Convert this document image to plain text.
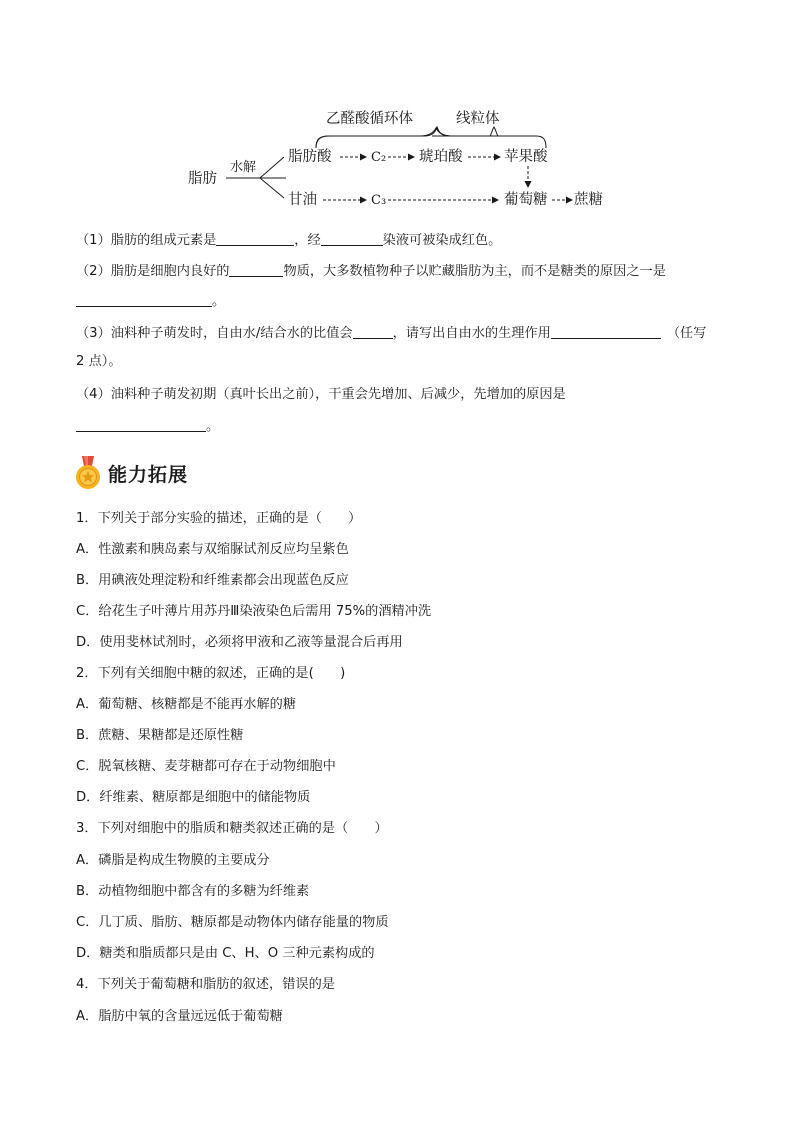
乙醛酸循环体	线粒体
脂肪
水解
脂肪酸
甘油
C₂
C₃
琥珀酸	苹果酸
葡萄糖 蔗糖
（1）脂肪的组成元素是	，经	染液可被染成红色。
（2）脂肪是细胞内良好的	物质，大多数植物种子以贮藏脂肪为主，而不是糖类的原因之一是
。
（3）油料种子萌发时，自由水/结合水的比值会	，请写出自由水的生理作用	（任写
2 点）。
（4）油料种子萌发初期（真叶长出之前），干重会先增加、后减少，先增加的原因是
。
能力拓展
1．下列关于部分实验的描述，正确的是（　　）
A．性激素和胰岛素与双缩脲试剂反应均呈紫色
B．用碘液处理淀粉和纤维素都会出现蓝色反应
C．给花生子叶薄片用苏丹Ⅲ染液染色后需用 75%的酒精冲洗
D．使用斐林试剂时，必须将甲液和乙液等量混合后再用
2．下列有关细胞中糖的叙述，正确的是(　　)
A．葡萄糖、核糖都是不能再水解的糖
B．蔗糖、果糖都是还原性糖
C．脱氧核糖、麦芽糖都可存在于动物细胞中
D．纤维素、糖原都是细胞中的储能物质
3．下列对细胞中的脂质和糖类叙述正确的是（　　）
A．磷脂是构成生物膜的主要成分
B．动植物细胞中都含有的多糖为纤维素
C．几丁质、脂肪、糖原都是动物体内储存能量的物质
D．糖类和脂质都只是由 C、H、O 三种元素构成的
4．下列关于葡萄糖和脂肪的叙述，错误的是
A．脂肪中氧的含量远远低于葡萄糖
